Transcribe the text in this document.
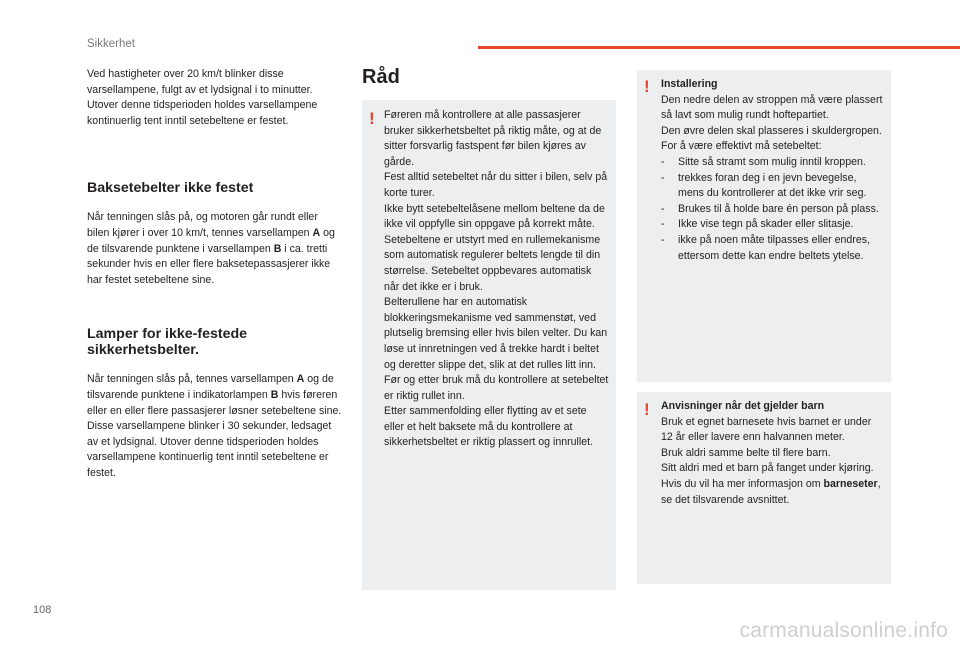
Sikkerhet

Ved hastigheter over 20 km/t blinker disse varsellampene, fulgt av et lydsignal i to minutter. Utover denne tidsperioden holdes varsellampene kontinuerlig tent inntil setebeltene er festet.

Baksetebelter ikke festet

Når tenningen slås på, og motoren går rundt eller bilen kjører i over 10 km/t, tennes varsellampen A og de tilsvarende punktene i varsellampen B i ca. tretti sekunder hvis en eller flere baksetepassasjerer ikke har festet setebeltene sine.

Lamper for ikke-festede sikkerhetsbelter.

Når tenningen slås på, tennes varsellampen A og de tilsvarende punktene i indikatorlampen B hvis føreren eller en eller flere passasjerer løsner setebeltene sine.

Disse varsellampene blinker i 30 sekunder, ledsaget av et lydsignal. Utover denne tidsperioden holdes varsellampene kontinuerlig tent inntil setebeltene er festet.

Råd
! Føreren må kontrollere at alle passasjerer bruker sikkerhetsbeltet på riktig måte, og at de sitter forsvarlig fastspent før bilen kjøres av gårde.

Fest alltid setebeltet når du sitter i bilen, selv på korte turer.

Ikke bytt setebeltelåsene mellom beltene da de ikke vil oppfylle sin oppgave på korrekt måte.

Setebeltene er utstyrt med en rullemekanisme som automatisk regulerer beltets lengde til din størrelse. Setebeltet oppbevares automatisk når det ikke er i bruk.

Belterullene har en automatisk blokkeringsmekanisme ved sammenstøt, ved plutselig bremsing eller hvis bilen velter. Du kan løse ut innretningen ved å trekke hardt i beltet og deretter slippe det, slik at det rulles litt inn.

Før og etter bruk må du kontrollere at setebeltet er riktig rullet inn.

Etter sammenfolding eller flytting av et sete eller et helt baksete må du kontrollere at sikkerhetsbeltet er riktig plassert og innrullet.

! Installering

Den nedre delen av stroppen må være plassert så lavt som mulig rundt hoftepartiet.

Den øvre delen skal plasseres i skuldergropen.

For å være effektivt må setebeltet:

- Sitte så stramt som mulig inntil kroppen.
- trekkes foran deg i en jevn bevegelse, mens du kontrollerer at det ikke vrir seg.
- Brukes til å holde bare én person på plass.
- Ikke vise tegn på skader eller slitasje.
- ikke på noen måte tilpasses eller endres, ettersom dette kan endre beltets ytelse.
! Anvisninger når det gjelder barn

Bruk et egnet barnesete hvis barnet er under 12 år eller lavere enn halvannen meter.

Bruk aldri samme belte til flere barn.

Sitt aldri med et barn på fanget under kjøring.

Hvis du vil ha mer informasjon om barneseter, se det tilsvarende avsnittet.

108
carmanualsonline.info
